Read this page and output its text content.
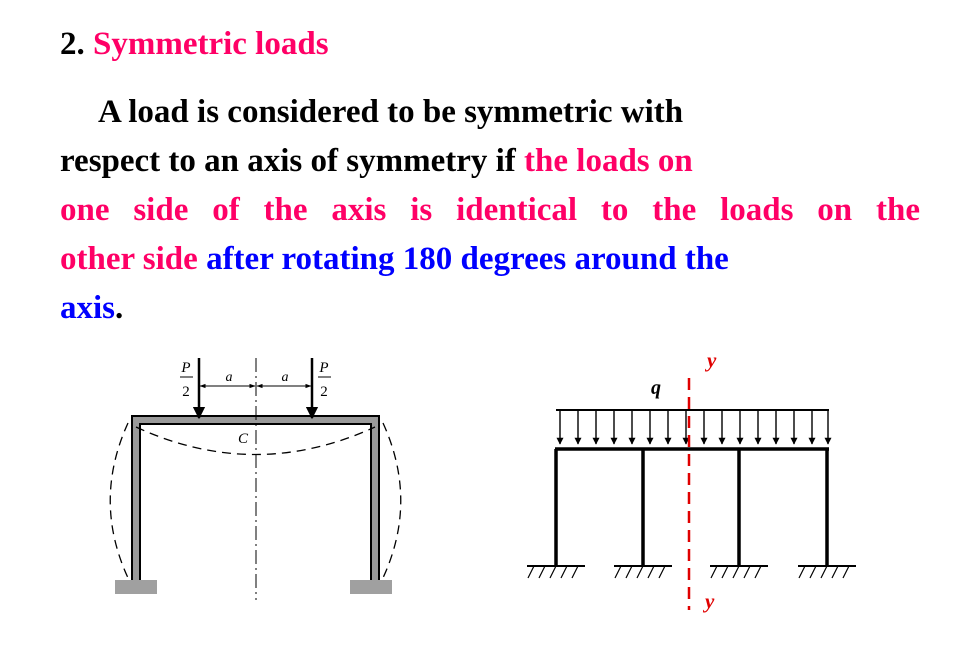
2. Symmetric loads
A load is considered to be symmetric with
respect to an axis of symmetry if the loads on
one side of the axis is identical to the loads on the
other side after rotating 180 degrees around the
axis.
P
2
P
2
a	a
C
q
y
y
